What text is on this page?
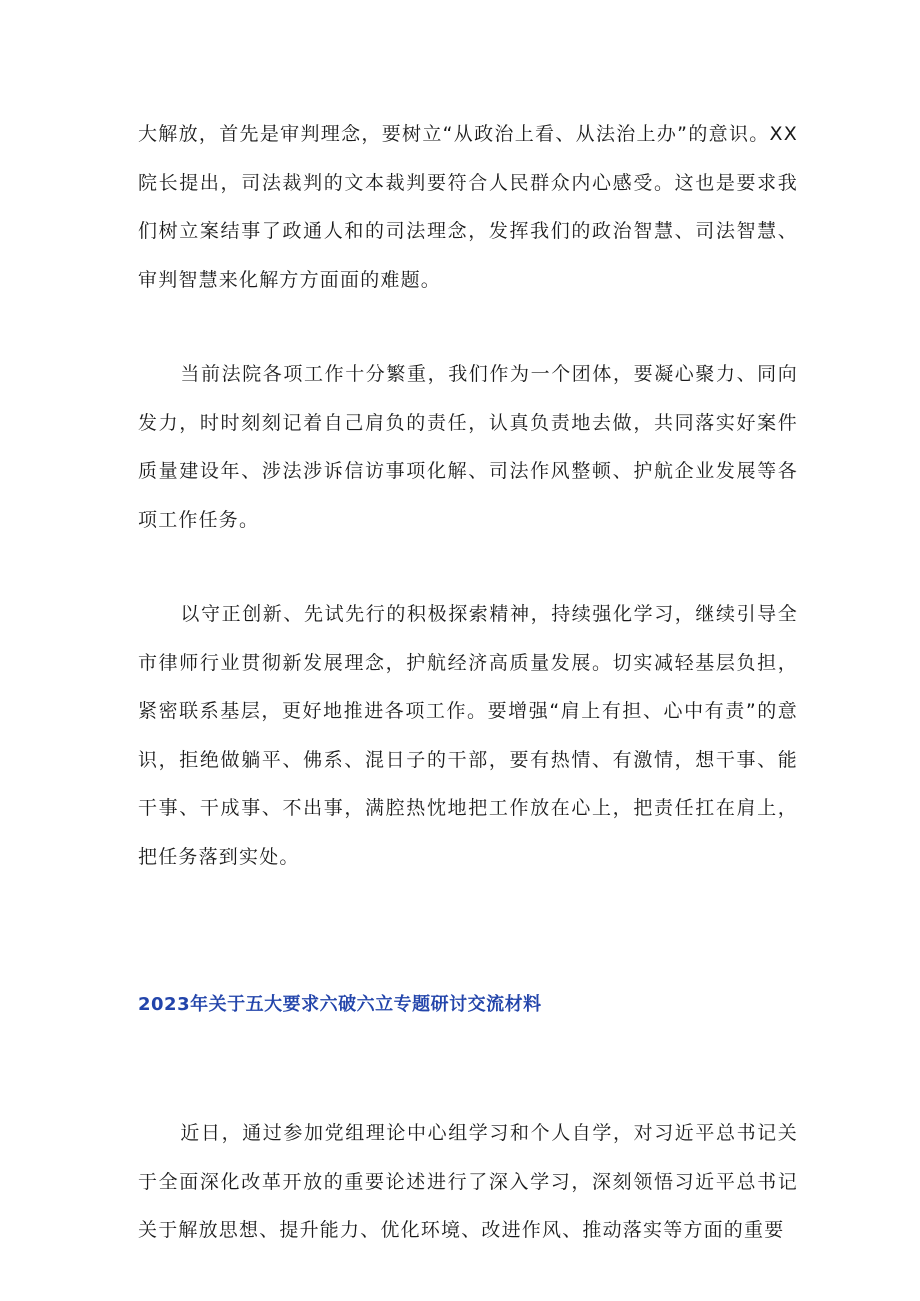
大解放，首先是审判理念，要树立“从政治上看、从法治上办”的意识。XX院长提出，司法裁判的文本裁判要符合人民群众内心感受。这也是要求我们树立案结事了政通人和的司法理念，发挥我们的政治智慧、司法智慧、审判智慧来化解方方面面的难题。

当前法院各项工作十分繁重，我们作为一个团体，要凝心聚力、同向发力，时时刻刻记着自己肩负的责任，认真负责地去做，共同落实好案件质量建设年、涉法涉诉信访事项化解、司法作风整顿、护航企业发展等各项工作任务。

以守正创新、先试先行的积极探索精神，持续强化学习，继续引导全市律师行业贯彻新发展理念，护航经济高质量发展。切实减轻基层负担，紧密联系基层，更好地推进各项工作。要增强“肩上有担、心中有责”的意识，拒绝做躺平、佛系、混日子的干部，要有热情、有激情，想干事、能干事、干成事、不出事，满腔热忱地把工作放在心上，把责任扛在肩上，把任务落到实处。

2023年关于五大要求六破六立专题研讨交流材料

近日，通过参加党组理论中心组学习和个人自学，对习近平总书记关于全面深化改革开放的重要论述进行了深入学习，深刻领悟习近平总书记关于解放思想、提升能力、优化环境、改进作风、推动落实等方面的重要
